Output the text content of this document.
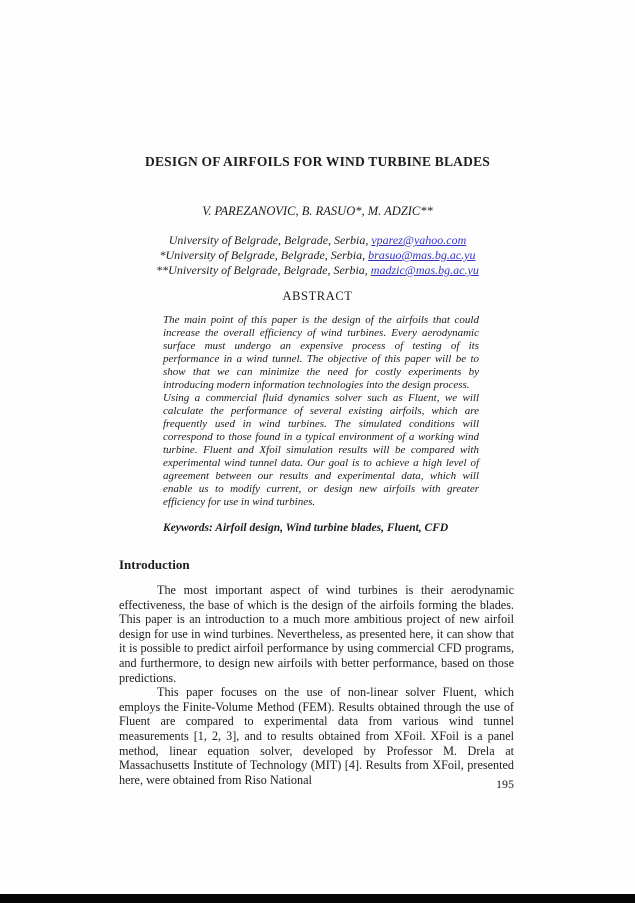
DESIGN OF AIRFOILS FOR WIND TURBINE BLADES
V. PAREZANOVIC, B. RASUO*, M. ADZIC**
University of Belgrade, Belgrade, Serbia, vparez@yahoo.com
*University of Belgrade, Belgrade, Serbia, brasuo@mas.bg.ac.yu
**University of Belgrade, Belgrade, Serbia, madzic@mas.bg.ac.yu
ABSTRACT

The main point of this paper is the design of the airfoils that could increase the overall efficiency of wind turbines. Every aerodynamic surface must undergo an expensive process of testing of its performance in a wind tunnel. The objective of this paper will be to show that we can minimize the need for costly experiments by introducing modern information technologies into the design process.

Using a commercial fluid dynamics solver such as Fluent, we will calculate the performance of several existing airfoils, which are frequently used in wind turbines. The simulated conditions will correspond to those found in a typical environment of a working wind turbine. Fluent and Xfoil simulation results will be compared with experimental wind tunnel data. Our goal is to achieve a high level of agreement between our results and experimental data, which will enable us to modify current, or design new airfoils with greater efficiency for use in wind turbines.

Keywords: Airfoil design, Wind turbine blades, Fluent, CFD
Introduction

The most important aspect of wind turbines is their aerodynamic effectiveness, the base of which is the design of the airfoils forming the blades. This paper is an introduction to a much more ambitious project of new airfoil design for use in wind turbines. Nevertheless, as presented here, it can show that it is possible to predict airfoil performance by using commercial CFD programs, and furthermore, to design new airfoils with better performance, based on those predictions.

This paper focuses on the use of non-linear solver Fluent, which employs the Finite-Volume Method (FEM). Results obtained through the use of Fluent are compared to experimental data from various wind tunnel measurements [1, 2, 3], and to results obtained from XFoil. XFoil is a panel method, linear equation solver, developed by Professor M. Drela at Massachusetts Institute of Technology (MIT) [4]. Results from XFoil, presented here, were obtained from Riso National	195
